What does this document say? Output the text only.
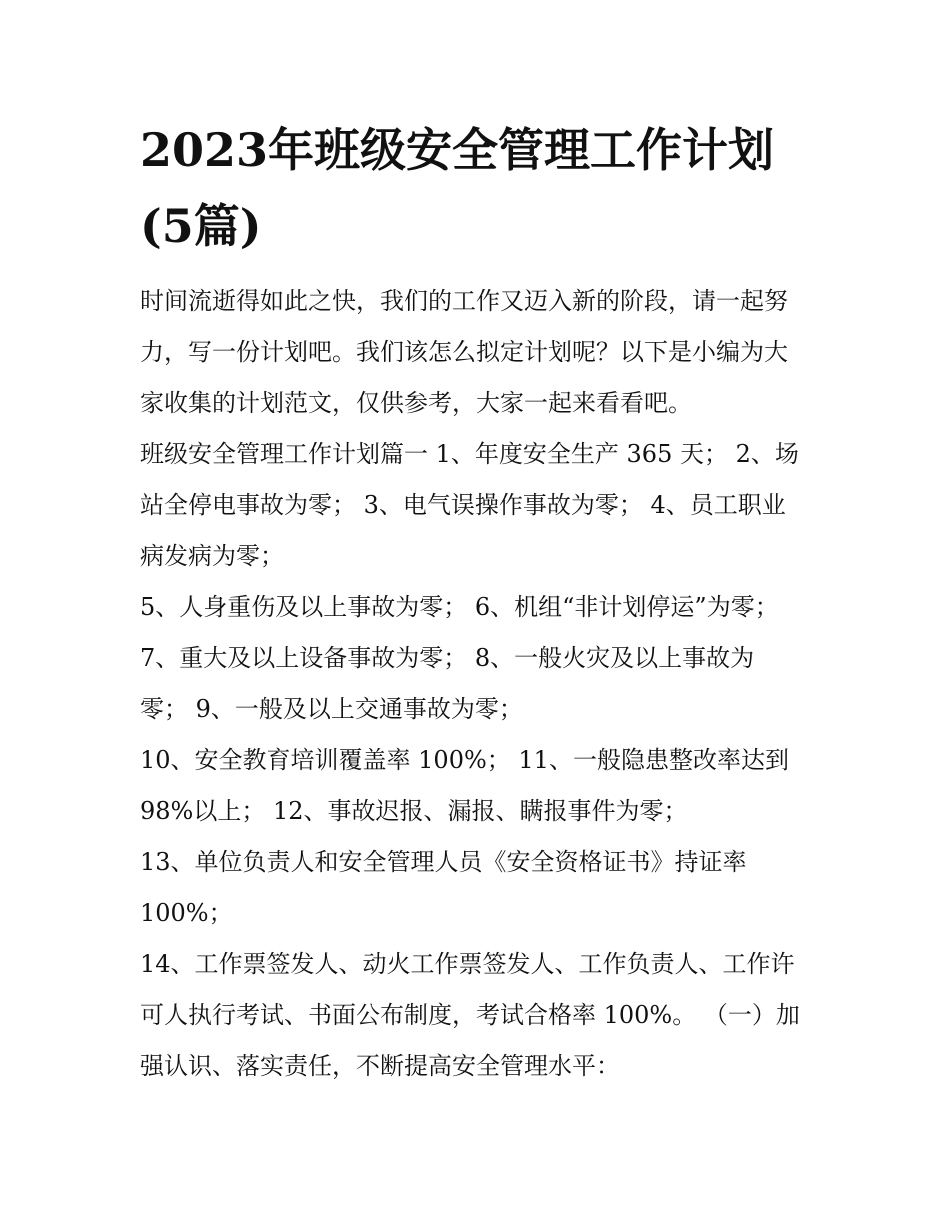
2023年班级安全管理工作计划
(5篇)
时间流逝得如此之快，我们的工作又迈入新的阶段，请一起努
力，写一份计划吧。我们该怎么拟定计划呢？以下是小编为大
家收集的计划范文，仅供参考，大家一起来看看吧。
班级安全管理工作计划篇一 1、年度安全生产 365 天； 2、场
站全停电事故为零； 3、电气误操作事故为零； 4、员工职业
病发病为零；
5、人身重伤及以上事故为零； 6、机组“非计划停运”为零；
7、重大及以上设备事故为零； 8、一般火灾及以上事故为
零； 9、一般及以上交通事故为零；
10、安全教育培训覆盖率 100%； 11、一般隐患整改率达到
98%以上； 12、事故迟报、漏报、瞒报事件为零；
13、单位负责人和安全管理人员《安全资格证书》持证率
100%；
14、工作票签发人、动火工作票签发人、工作负责人、工作许
可人执行考试、书面公布制度，考试合格率 100%。 （一）加
强认识、落实责任，不断提高安全管理水平：
